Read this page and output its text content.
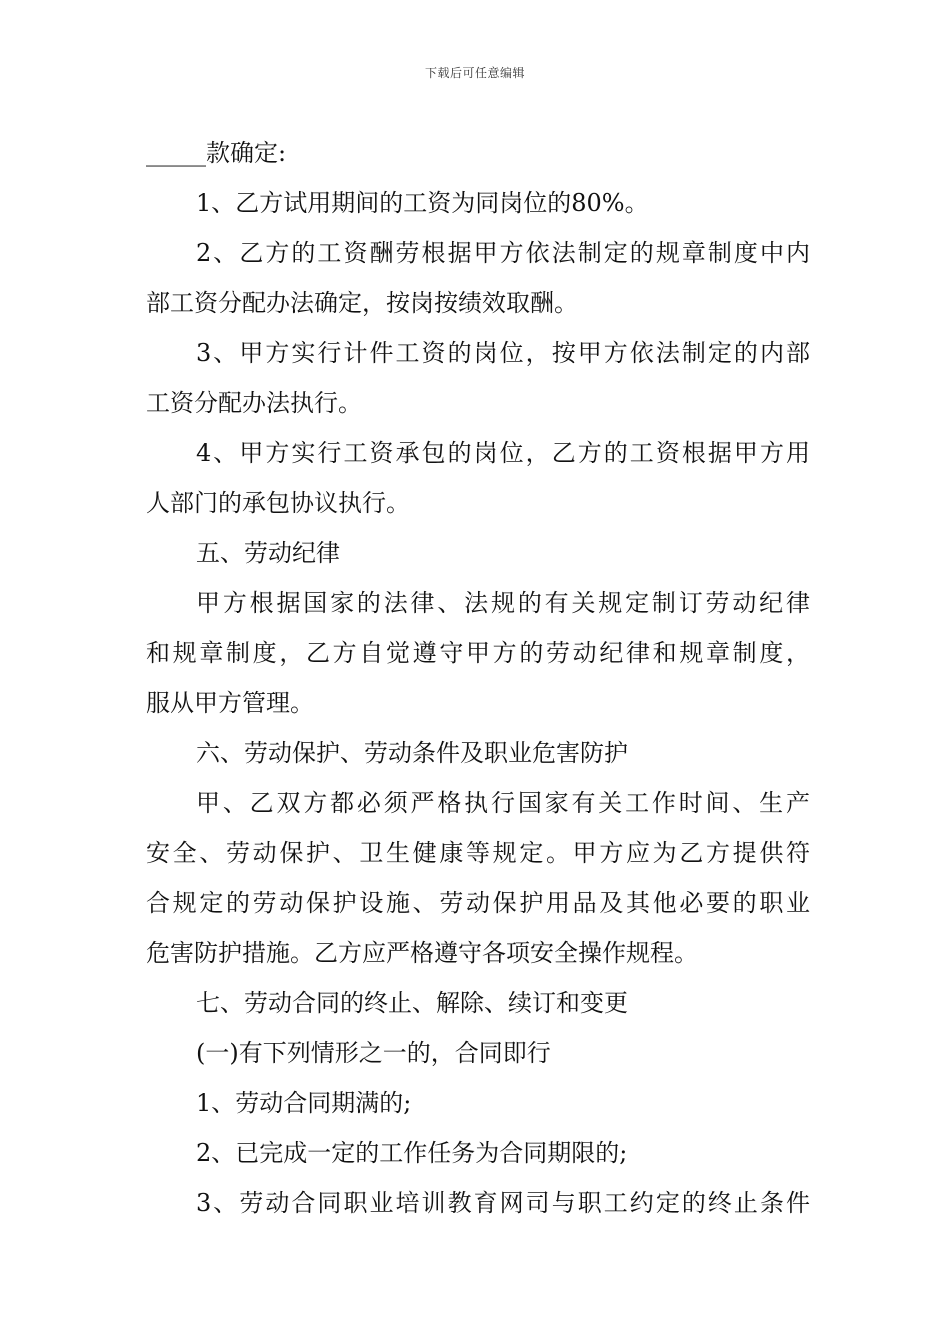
下载后可任意编辑
_____款确定:
1、乙方试用期间的工资为同岗位的80%。
2、乙方的工资酬劳根据甲方依法制定的规章制度中内
部工资分配办法确定，按岗按绩效取酬。
3、甲方实行计件工资的岗位，按甲方依法制定的内部
工资分配办法执行。
4、甲方实行工资承包的岗位，乙方的工资根据甲方用
人部门的承包协议执行。
五、劳动纪律
甲方根据国家的法律、法规的有关规定制订劳动纪律
和规章制度，乙方自觉遵守甲方的劳动纪律和规章制度，
服从甲方管理。
六、劳动保护、劳动条件及职业危害防护
甲、乙双方都必须严格执行国家有关工作时间、生产
安全、劳动保护、卫生健康等规定。甲方应为乙方提供符
合规定的劳动保护设施、劳动保护用品及其他必要的职业
危害防护措施。乙方应严格遵守各项安全操作规程。
七、劳动合同的终止、解除、续订和变更
(一)有下列情形之一的，合同即行
1、劳动合同期满的;
2、已完成一定的工作任务为合同期限的;
3、劳动合同职业培训教育网司与职工约定的终止条件
